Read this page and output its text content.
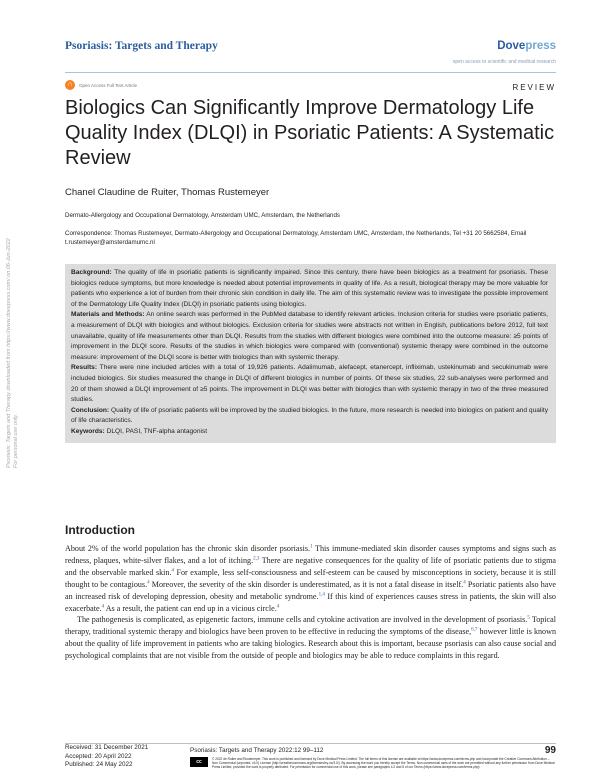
Psoriasis: Targets and Therapy	Dovepress
open access to scientific and medical research
∩	Open Access Full Text Article	REVIEW
Biologics Can Significantly Improve Dermatology Life Quality Index (DLQI) in Psoriatic Patients: A Systematic Review
Chanel Claudine de Ruiter, Thomas Rustemeyer
Dermato-Allergology and Occupational Dermatology, Amsterdam UMC, Amsterdam, the Netherlands
Correspondence: Thomas Rustemeyer, Dermato-Allergology and Occupational Dermatology, Amsterdam UMC, Amsterdam, the Netherlands, Tel +31 20 5662584, Email t.rustemeyer@amsterdamumc.nl
Psoriasis: Targets and Therapy downloaded from https://www.dovepress.com/ on 06-Jun-2022 For personal use only.

Background: The quality of life in psoriatic patients is significantly impaired. Since this century, there have been biologics as a treatment for psoriasis. These biologics reduce symptoms, but more knowledge is needed about potential improvements in quality of life. As a result, biological therapy may be more valuable for patients who experience a lot of burden from their chronic skin condition in daily life. The aim of this systematic review was to investigate the possible improvement of the Dermatology Life Quality Index (DLQI) in psoriatic patients using biologics.

Materials and Methods: An online search was performed in the PubMed database to identify relevant articles. Inclusion criteria for studies were psoriatic patients, a measurement of DLQI with biologics and without biologics. Exclusion criteria for studies were abstracts not written in English, publications before 2012, full text unavailable, quality of life measurements other than DLQI. Results from the studies with different biologics were combined into the outcome measure: ≥5 points of improvement in the DLQI score. Results of the studies in which biologics were compared with (conventional) systemic therapy were combined in the outcome measure: improvement of the DLQI score is better with biologics than with systemic therapy.

Results: There were nine included articles with a total of 19,926 patients. Adalimumab, alefacept, etanercept, infliximab, ustekinumab and secukinumab were included biologics. Six studies measured the change in DLQI of different biologics in number of points. Of these six studies, 22 sub-analyses were performed and 20 of them showed a DLQI improvement of ≥5 points. The improvement in DLQI was better with biologics than with systemic therapy in two of the three measured studies.

Conclusion: Quality of life of psoriatic patients will be improved by the studied biologics. In the future, more research is needed into biologics on patient and quality of life characteristics.

Keywords: DLQI, PASI, TNF-alpha antagonist

Introduction

About 2% of the world population has the chronic skin disorder psoriasis.$^1$ This immune-mediated skin disorder causes symptoms and signs such as redness, plaques, white-silver flakes, and a lot of itching.$^{2,3}$ There are negative consequences for the quality of life of psoriatic patients due to stigma and the observable marked skin.$^4$ For example, less self-consciousness and self-esteem can be caused by misconceptions in society, because it is still thought to be contagious.$^4$ Moreover, the severity of the skin disorder is underestimated, as it is not a fatal disease in itself.$^4$ Psoriatic patients also have an increased risk of developing depression, obesity and metabolic syndrome.$^{1,4}$ If this kind of experiences causes stress in patients, the skin will also exacerbate.$^4$ As a result, the patient can end up in a vicious circle.$^4$

The pathogenesis is complicated, as epigenetic factors, immune cells and cytokine activation are involved in the development of psoriasis.$^5$ Topical therapy, traditional systemic therapy and biologics have been proven to be effective in reducing the symptoms of the disease,$^{6,7}$ however little is known about the quality of life improvement in patients who are taking biologics. Research about this is important, because psoriasis can also cause social and psychological complaints that are not visible from the outside of people and biologics may be able to reduce complaints in this regard.

Received: 31 December 2021
Accepted: 20 April 2022
Published: 24 May 2022
Psoriasis: Targets and Therapy 2022:12 99–112	99
cc	© 2022 de Ruiter and Rustemeyer. This work is published and licensed by Dove Medical Press Limited. The full terms of this license are available at https://www.dovepress.com/terms.php and incorporate the Creative Commons Attribution – Non Commercial (unported, v3.0) License (http://creativecommons.org/licenses/by-nc/3.0/). By accessing the work you hereby accept the Terms. Non-commercial uses of the work are permitted without any further permission from Dove Medical Press Limited, provided the work is properly attributed. For permission for commercial use of this work, please see paragraphs 4.2 and 5 of our Terms (https://www.dovepress.com/terms.php).
